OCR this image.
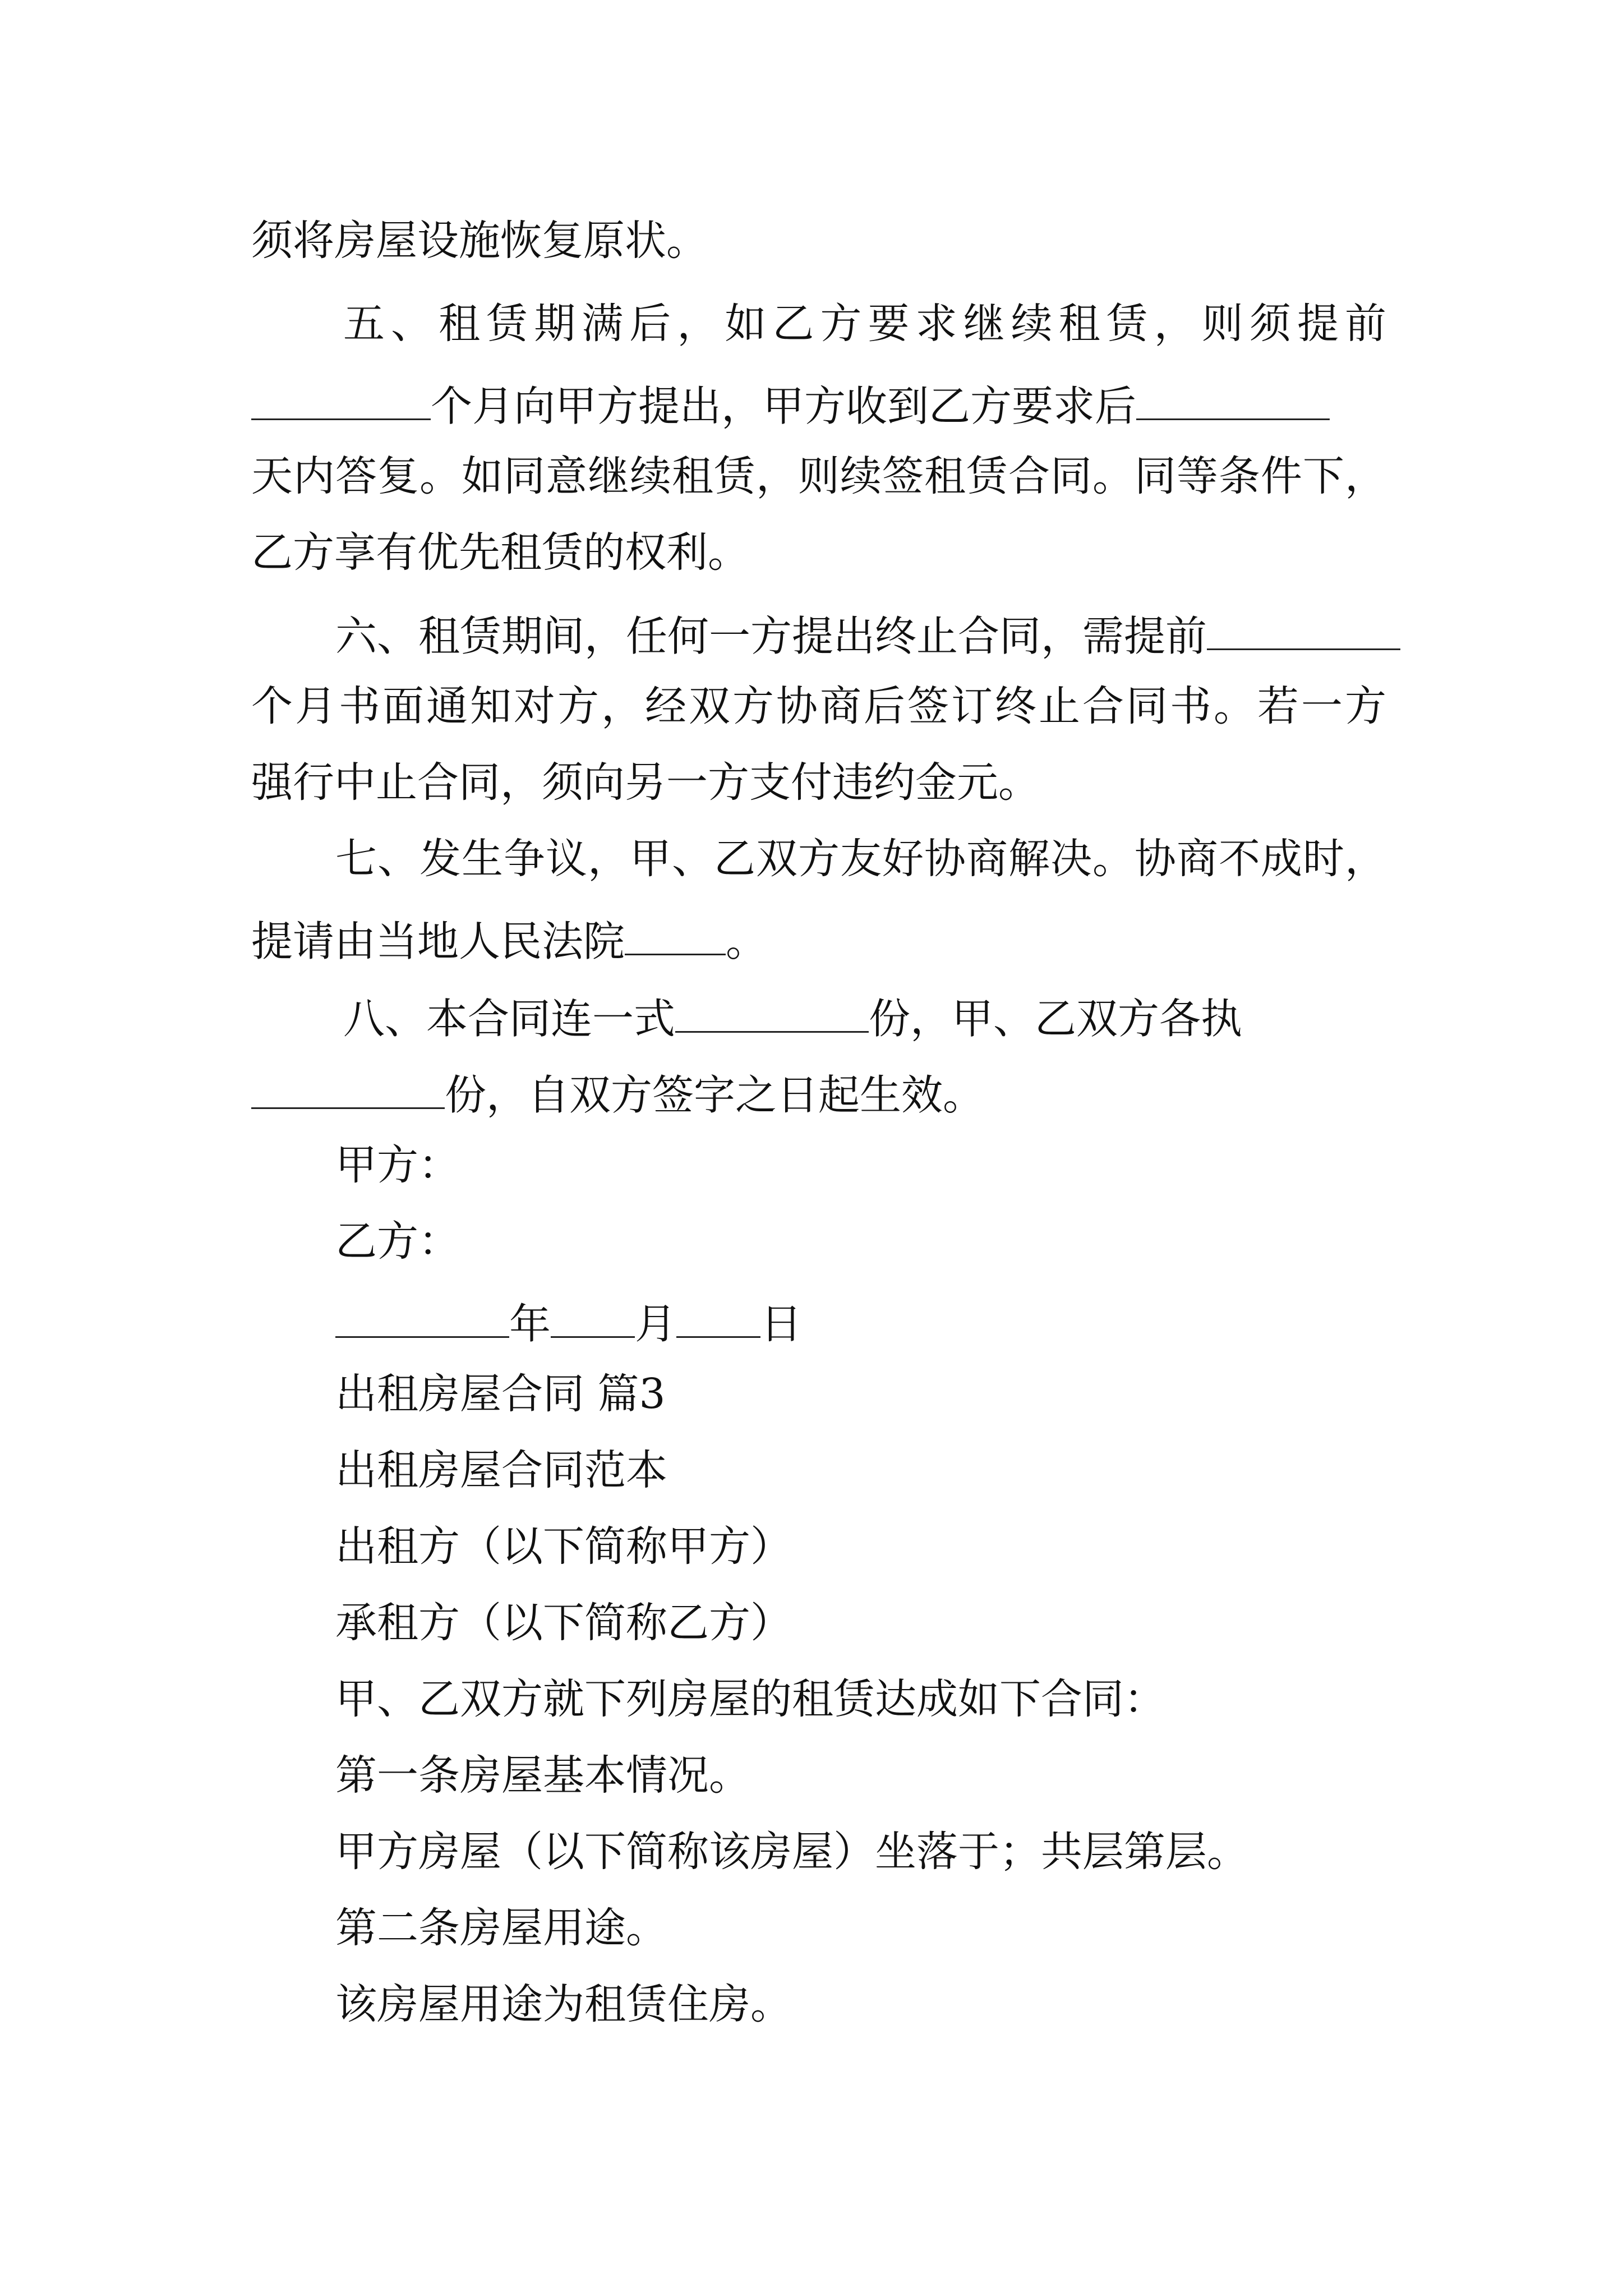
须将房屋设施恢复原状。
五、租赁期满后，如乙方要求继续租赁，则须提前
个月向甲方提出，甲方收到乙方要求后
天内答复。如同意继续租赁，则续签租赁合同。同等条件下，
乙方享有优先租赁的权利。
六、租赁期间，任何一方提出终止合同，需提前
个月书面通知对方，经双方协商后签订终止合同书。若一方
强行中止合同，须向另一方支付违约金元。
七、发生争议，甲、乙双方友好协商解决。协商不成时，
提请由当地人民法院 。
八、本合同连一式	份，甲、乙双方各执
份，自双方签字之日起生效。
甲方：
乙方：
年 月 日
出租房屋合同 篇3
出租房屋合同范本
出租方（以下简称甲方）
承租方（以下简称乙方）
甲、乙双方就下列房屋的租赁达成如下合同：
第一条房屋基本情况。
甲方房屋（以下简称该房屋）坐落于；共层第层。
第二条房屋用途。
该房屋用途为租赁住房。
